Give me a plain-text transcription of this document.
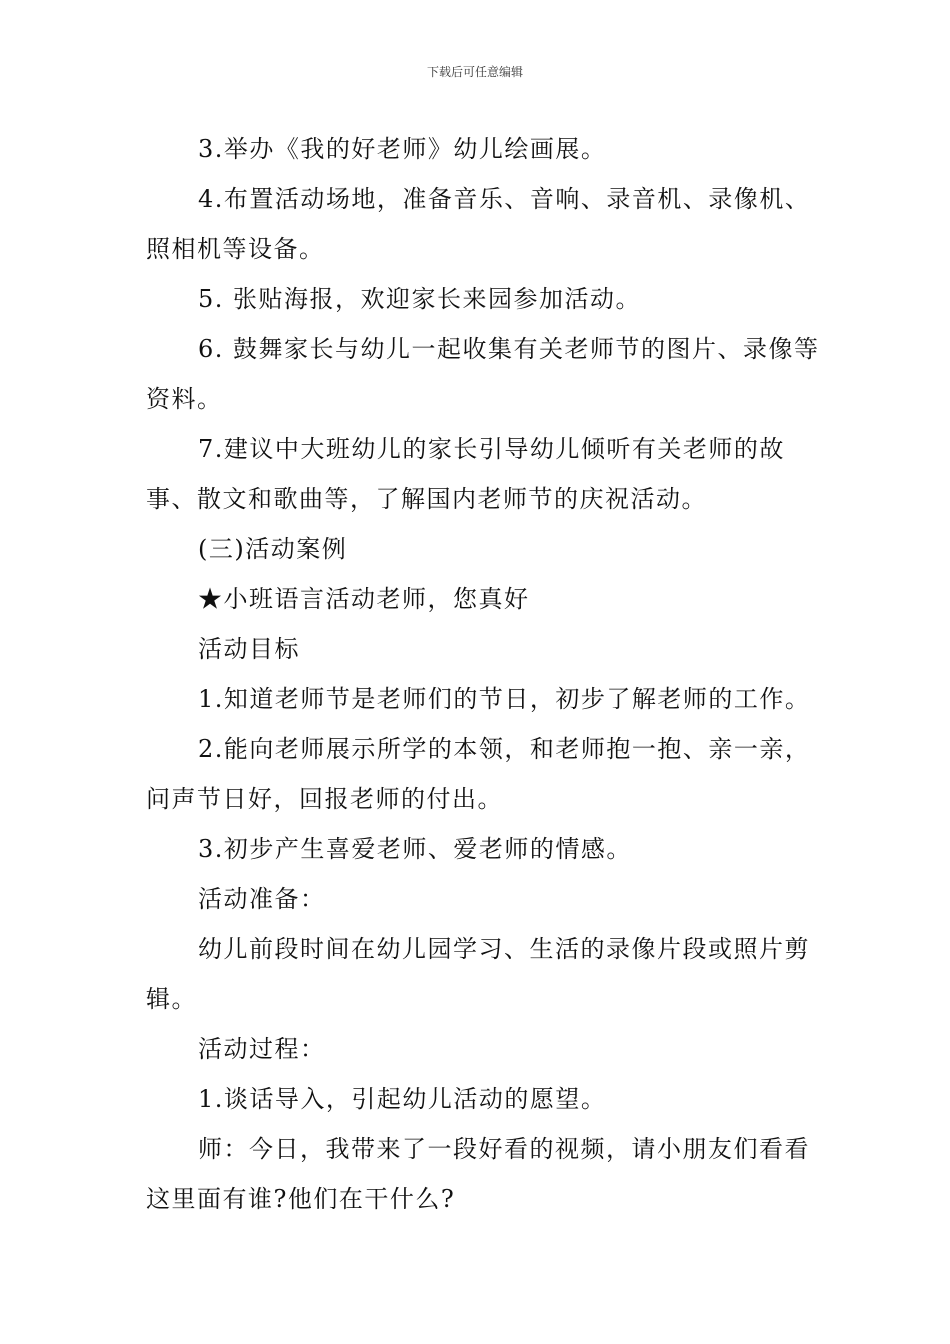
下载后可任意编辑

3.举办《我的好老师》幼儿绘画展。

4.布置活动场地，准备音乐、音响、录音机、录像机、照相机等设备。

5. 张贴海报，欢迎家长来园参加活动。

6. 鼓舞家长与幼儿一起收集有关老师节的图片、录像等资料。

7.建议中大班幼儿的家长引导幼儿倾听有关老师的故事、散文和歌曲等，了解国内老师节的庆祝活动。

(三)活动案例

★小班语言活动老师，您真好

活动目标

1.知道老师节是老师们的节日，初步了解老师的工作。

2.能向老师展示所学的本领，和老师抱一抱、亲一亲，问声节日好，回报老师的付出。

3.初步产生喜爱老师、爱老师的情感。

活动准备：

幼儿前段时间在幼儿园学习、生活的录像片段或照片剪辑。

活动过程：

1.谈话导入，引起幼儿活动的愿望。

师：今日，我带来了一段好看的视频，请小朋友们看看这里面有谁?他们在干什么?
